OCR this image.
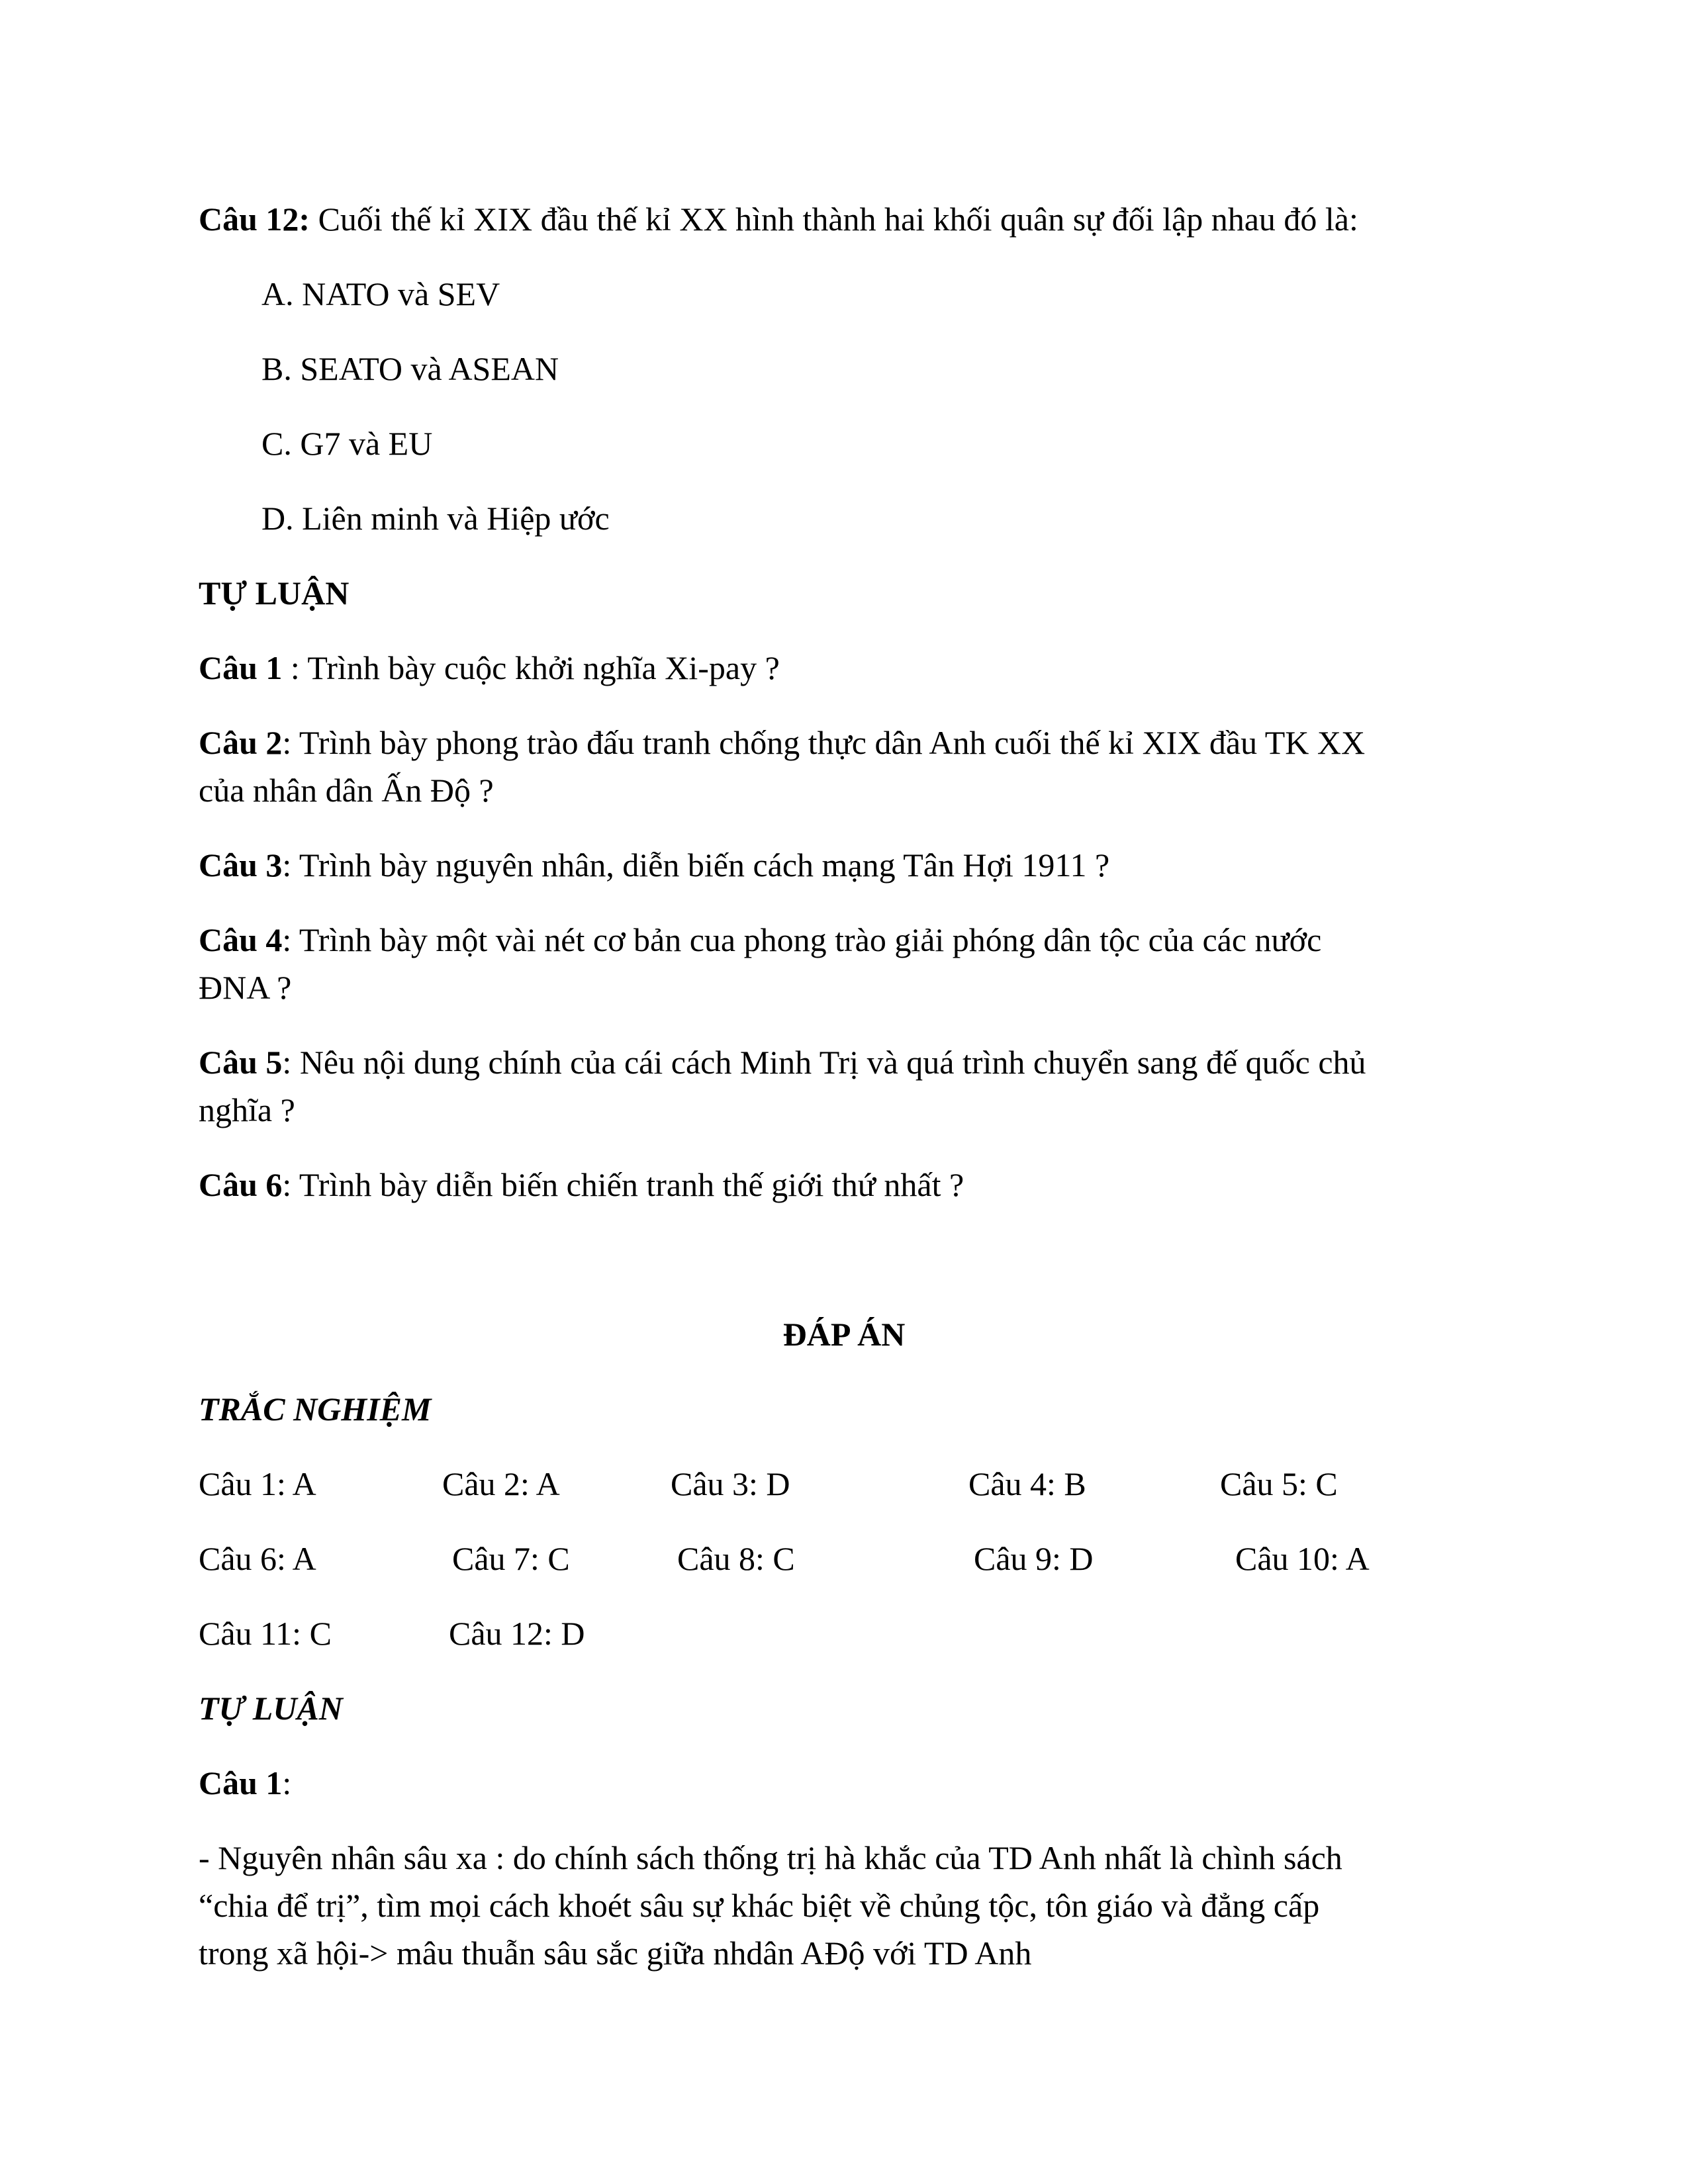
Câu 12: Cuối thế kỉ XIX đầu thế kỉ XX hình thành hai khối quân sự đối lập nhau đó là:
A. NATO và SEV
B. SEATO và ASEAN
C. G7 và EU
D. Liên minh và Hiệp ước
TỰ LUẬN
Câu 1 : Trình bày cuộc khởi nghĩa Xi-pay ?
Câu 2: Trình bày phong trào đấu tranh chống thực dân Anh cuối thế kỉ XIX đầu TK XX
của nhân dân Ấn Độ ?
Câu 3: Trình bày nguyên nhân, diễn biến cách mạng Tân Hợi 1911 ?
Câu 4: Trình bày một vài nét cơ bản cua phong trào giải phóng dân tộc của các nước
ĐNA ?
Câu 5: Nêu nội dung chính của cái cách Minh Trị và quá trình chuyển sang đế quốc chủ
nghĩa ?
Câu 6: Trình bày diễn biến chiến tranh thế giới thứ nhất ?
ĐÁP ÁN
TRẮC NGHIỆM
Câu 1: A	Câu 2: A	Câu 3: D	Câu 4: B	Câu 5: C
Câu 6: A	Câu 7: C	Câu 8: C	Câu 9: D	Câu 10: A
Câu 11: C	Câu 12: D
TỰ LUẬN
Câu 1:
- Nguyên nhân sâu xa : do chính sách thống trị hà khắc của TD Anh nhất là chình sách
“chia để trị”, tìm mọi cách khoét sâu sự khác biệt về chủng tộc, tôn giáo và đẳng cấp
trong xã hội-> mâu thuẫn sâu sắc giữa nhdân AĐộ với TD Anh
